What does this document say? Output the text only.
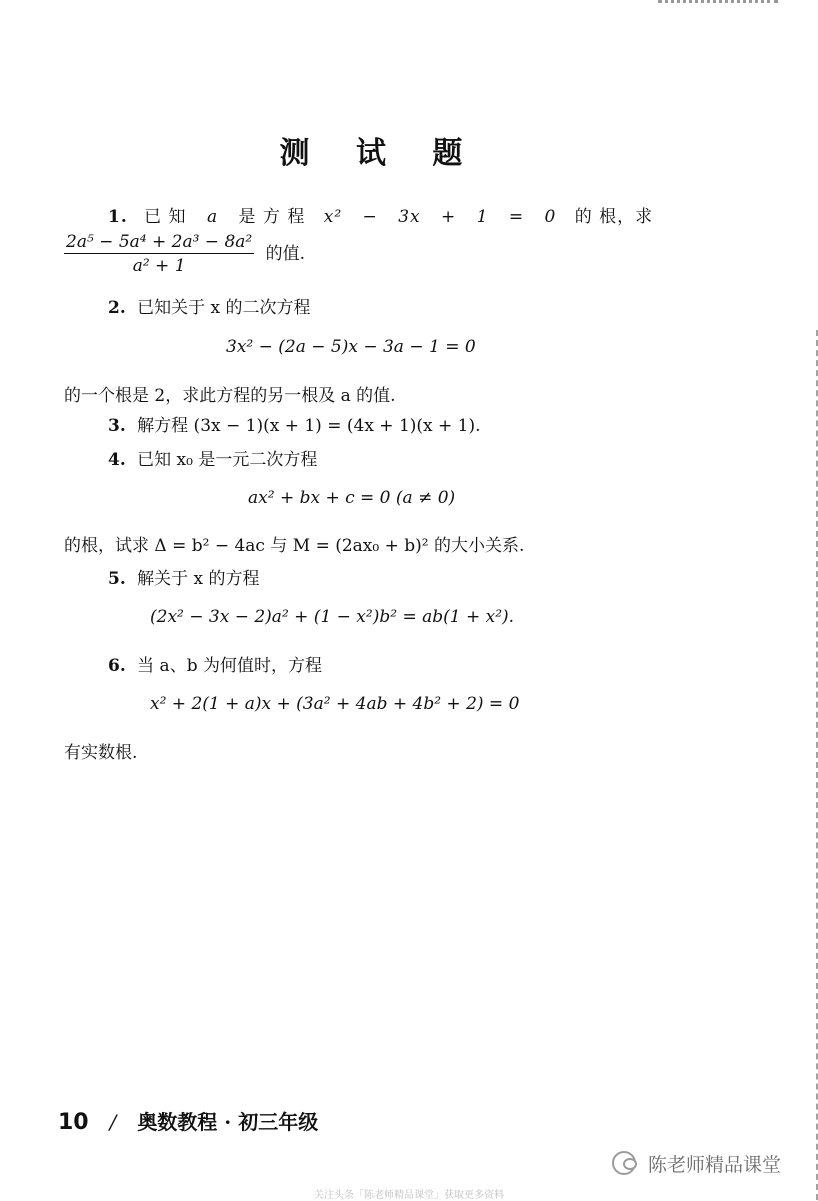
测 试 题
1. 已 知 a 是 方 程 x² − 3x + 1 = 0 的 根，求
$\frac{\text{2a⁵ − 5a⁴ + 2a³ − 8a²}}{\text{a² + 1}}$ 的值.
2. 已知关于 x 的二次方程
3x² − (2a − 5)x − 3a − 1 = 0
的一个根是 2，求此方程的另一根及 a 的值.
3. 解方程 (3x − 1)(x + 1) = (4x + 1)(x + 1).
4. 已知 x₀ 是一元二次方程
ax² + bx + c = 0 (a ≠ 0)
的根，试求 Δ = b² − 4ac 与 M = (2ax₀ + b)² 的大小关系.
5. 解关于 x 的方程
(2x² − 3x − 2)a² + (1 − x²)b² = ab(1 + x²).
6. 当 a、b 为何值时，方程
x² + 2(1 + a)x + (3a² + 4ab + 4b² + 2) = 0
有实数根.
10 / 奥数教程 · 初三年级
陈老师精品课堂
关注头条「陈老师精品课堂」获取更多资料
